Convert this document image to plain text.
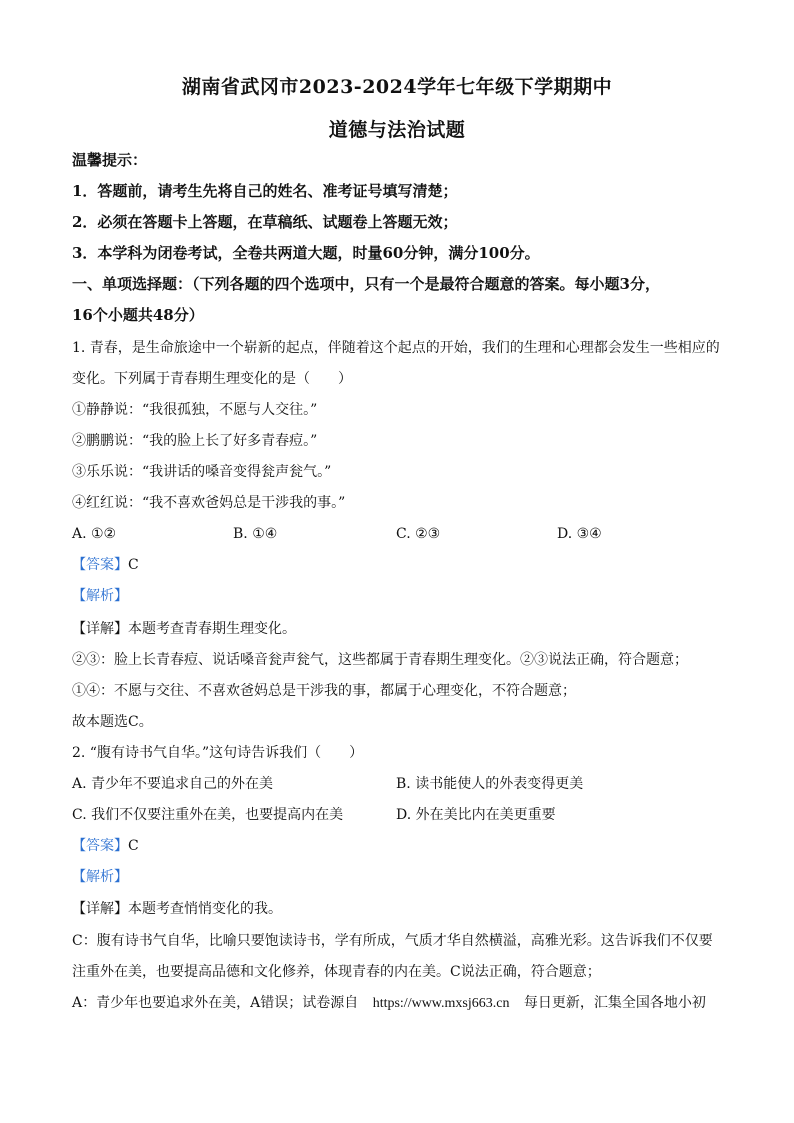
湖南省武冈市2023-2024学年七年级下学期期中
道德与法治试题
温馨提示：
1．答题前，请考生先将自己的姓名、准考证号填写清楚；
2．必须在答题卡上答题，在草稿纸、试题卷上答题无效；
3．本学科为闭卷考试，全卷共两道大题，时量60分钟，满分100分。
一、单项选择题：（下列各题的四个选项中，只有一个是最符合题意的答案。每小题3分，
16个小题共48分）
1. 青春，是生命旅途中一个崭新的起点，伴随着这个起点的开始，我们的生理和心理都会发生一些相应的
变化。下列属于青春期生理变化的是（　　）
①静静说：“我很孤独，不愿与人交往。”
②鹏鹏说：“我的脸上长了好多青春痘。”
③乐乐说：“我讲话的嗓音变得瓮声瓮气。”
④红红说：“我不喜欢爸妈总是干涉我的事。”
A. ①②	B. ①④	C. ②③	D. ③④
【答案】C
【解析】
【详解】本题考查青春期生理变化。
②③：脸上长青春痘、说话嗓音瓮声瓮气，这些都属于青春期生理变化。②③说法正确，符合题意；
①④：不愿与交往、不喜欢爸妈总是干涉我的事，都属于心理变化，不符合题意；
故本题选C。
2. “腹有诗书气自华。”这句诗告诉我们（　　）
A. 青少年不要追求自己的外在美	B. 读书能使人的外表变得更美
C. 我们不仅要注重外在美，也要提高内在美	D. 外在美比内在美更重要
【答案】C
【解析】
【详解】本题考查悄悄变化的我。
C：腹有诗书气自华，比喻只要饱读诗书，学有所成，气质才华自然横溢，高雅光彩。这告诉我们不仅要
注重外在美，也要提高品德和文化修养，体现青春的内在美。C说法正确，符合题意；
A：青少年也要追求外在美，A错误；试卷源自 https://www.mxsj663.cn 每日更新，汇集全国各地小初
